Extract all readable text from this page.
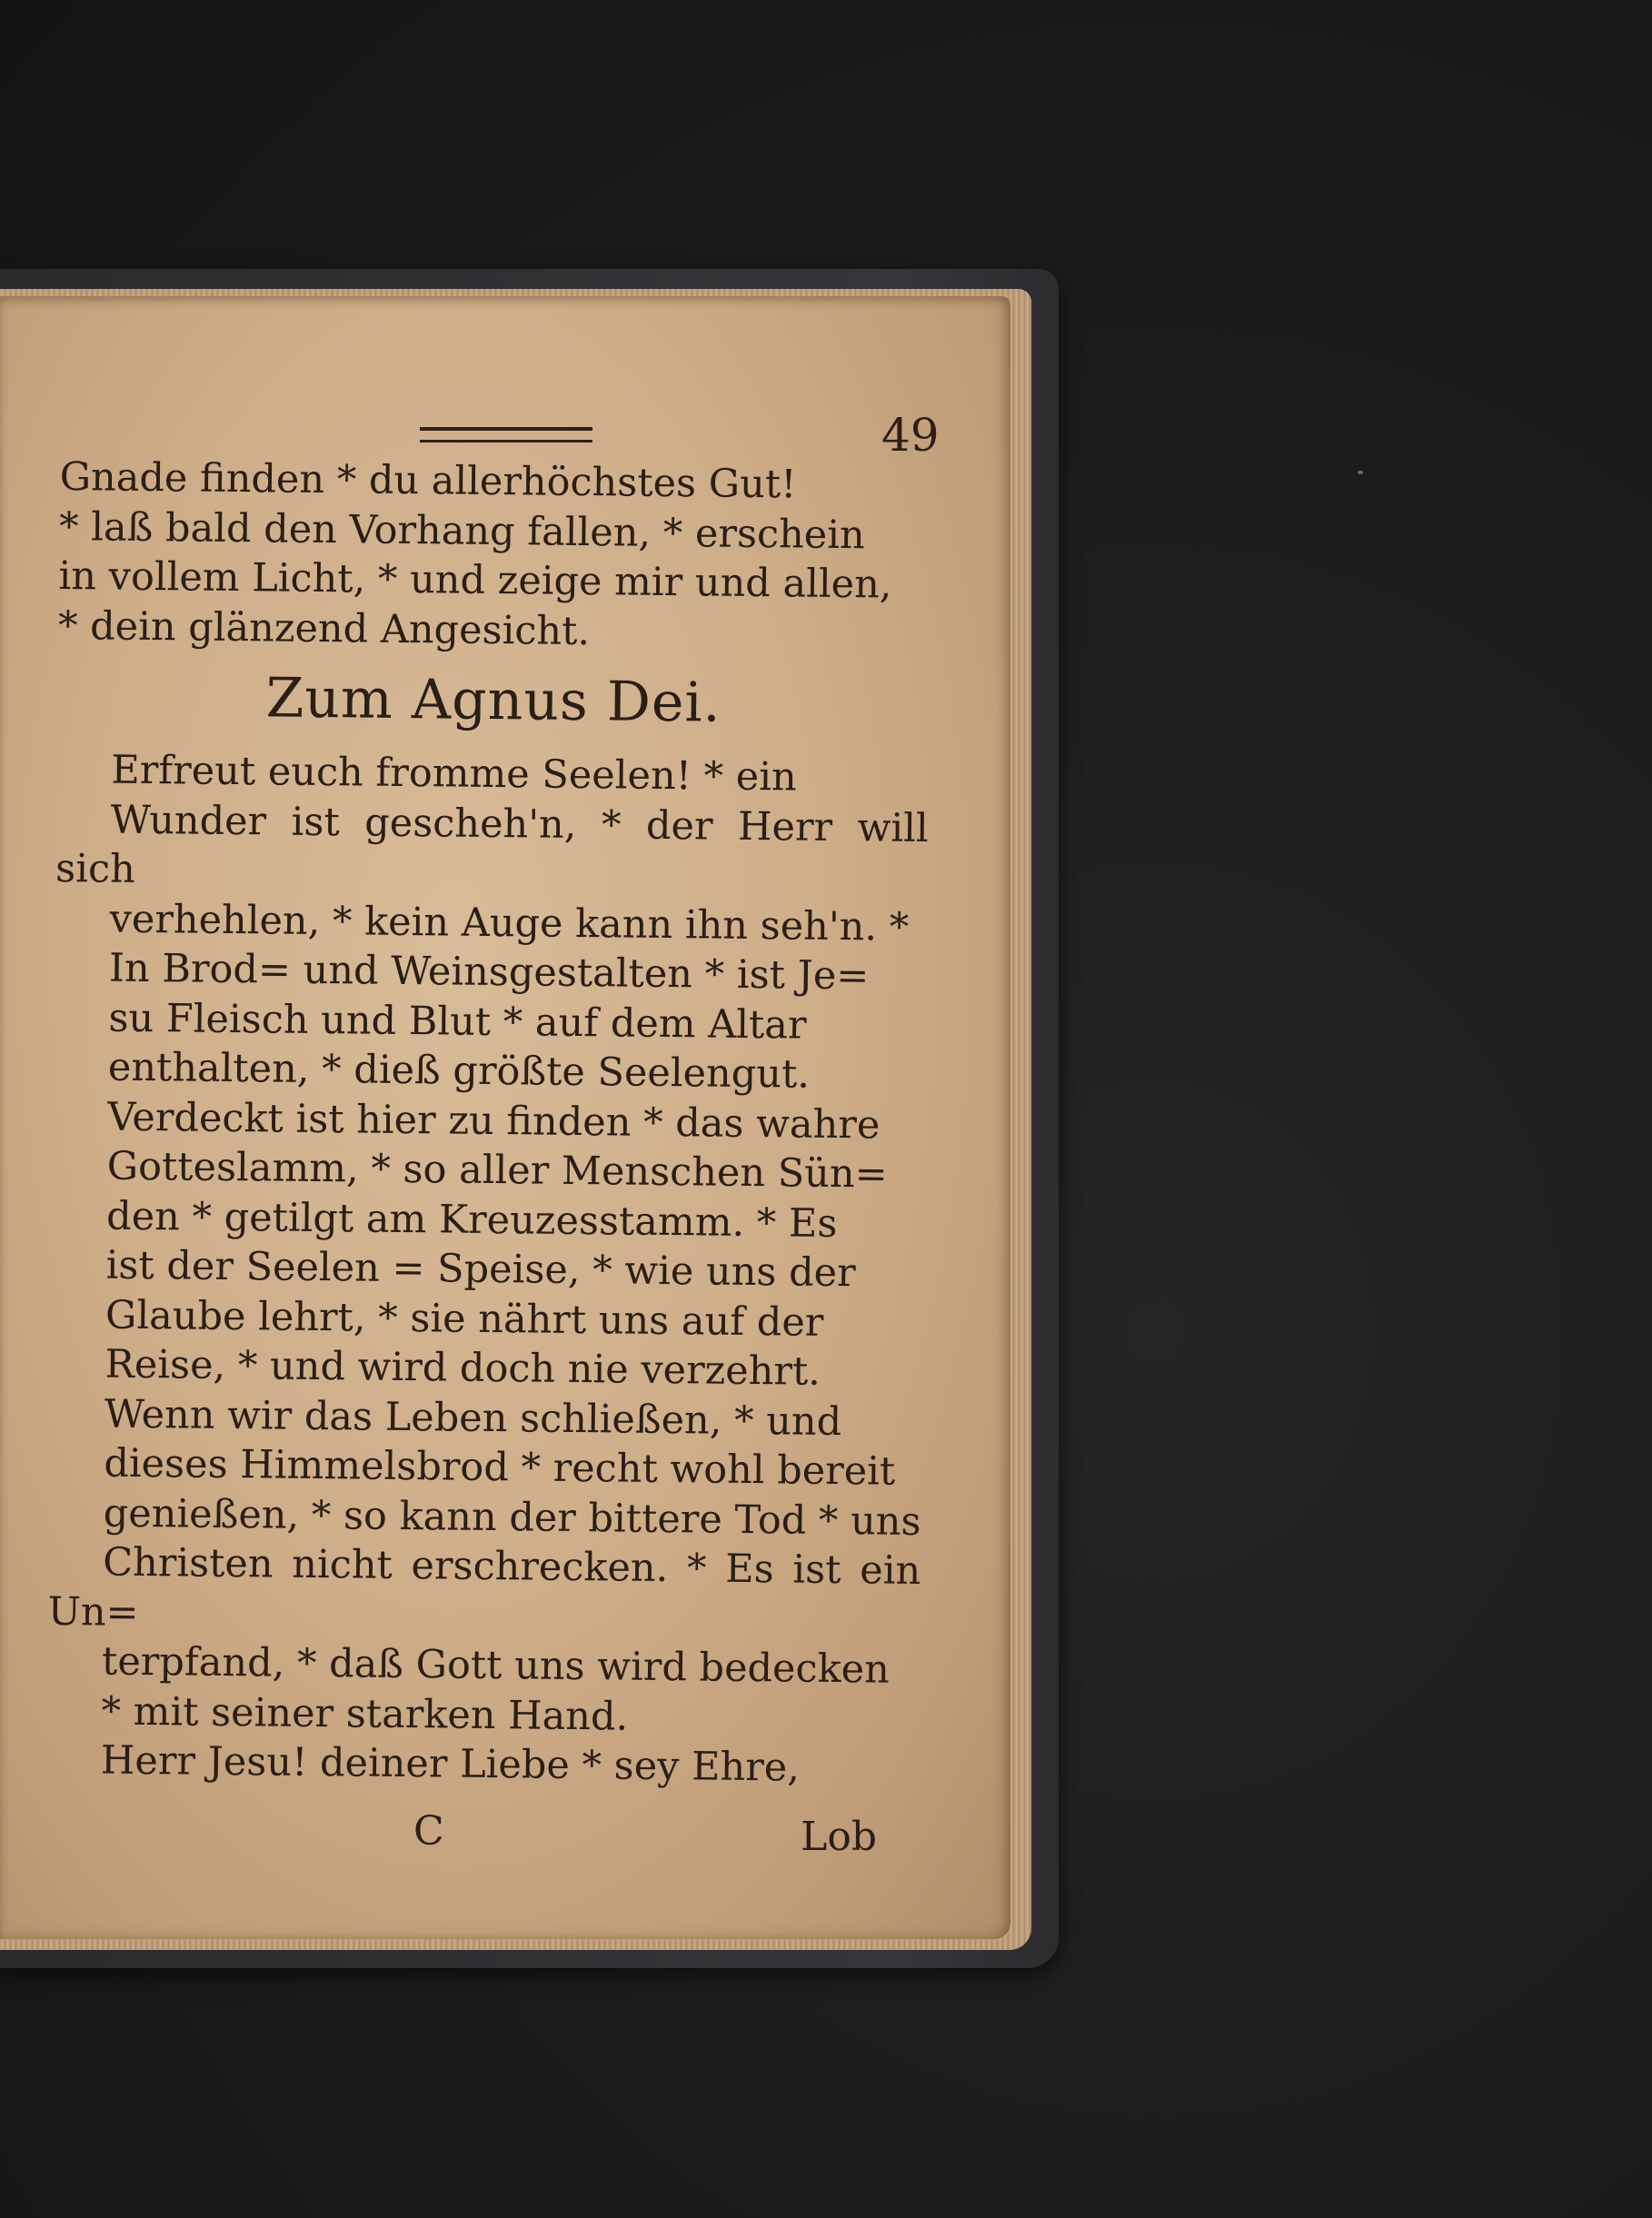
49

Gnade finden * du allerhöchstes Gut!
* laß bald den Vorhang fallen, * erschein
in vollem Licht, * und zeige mir und allen,
* dein glänzend Angesicht.

Zum Agnus Dei.

Erfreut euch fromme Seelen! * ein
Wunder ist gescheh'n, * der Herr will sich
verhehlen, * kein Auge kann ihn seh'n. *
In Brod= und Weinsgestalten * ist Je=
su Fleisch und Blut * auf dem Altar
enthalten, * dieß größte Seelengut.

Verdeckt ist hier zu finden * das wahre
Gotteslamm, * so aller Menschen Sün=
den * getilgt am Kreuzesstamm. * Es
ist der Seelen = Speise, * wie uns der
Glaube lehrt, * sie nährt uns auf der
Reise, * und wird doch nie verzehrt.

Wenn wir das Leben schließen, * und
dieses Himmelsbrod * recht wohl bereit
genießen, * so kann der bittere Tod * uns
Christen nicht erschrecken. * Es ist ein Un=
terpfand, * daß Gott uns wird bedecken
* mit seiner starken Hand.

Herr Jesu! deiner Liebe * sey Ehre,

C	Lob
